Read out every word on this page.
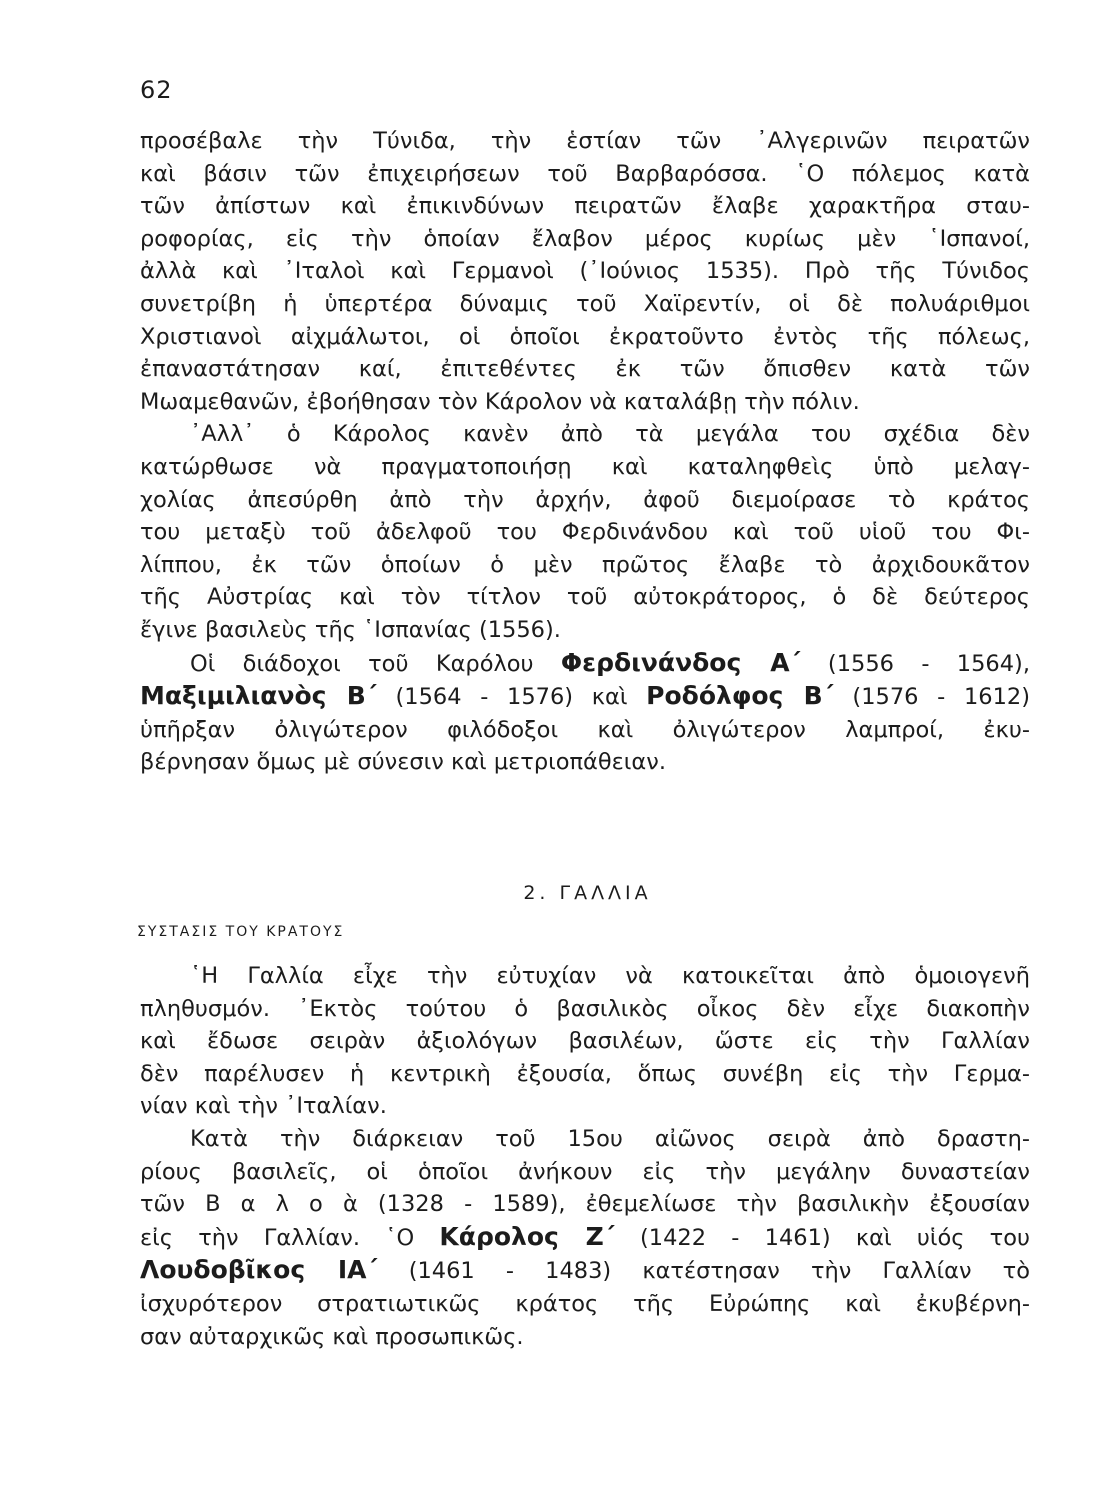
62
προσέβαλε τὴν Τύνιδα, τὴν ἑστίαν τῶν ᾿Αλγερινῶν πειρατῶν
καὶ βάσιν τῶν ἐπιχειρήσεων τοῦ Βαρβαρόσσα. ῾Ο πόλεμος κατὰ
τῶν ἀπίστων καὶ ἐπικινδύνων πειρατῶν ἔλαβε χαρακτῆρα σταυ-
ροφορίας, εἰς τὴν ὁποίαν ἔλαβον μέρος κυρίως μὲν ῾Ισπανοί,
ἀλλὰ καὶ ᾿Ιταλοὶ καὶ Γερμανοὶ (᾿Ιούνιος 1535). Πρὸ τῆς Τύνιδος
συνετρίβη ἡ ὑπερτέρα δύναμις τοῦ Χαϊρεντίν, οἱ δὲ πολυάριθμοι
Χριστιανοὶ αἰχμάλωτοι, οἱ ὁποῖοι ἐκρατοῦντο ἐντὸς τῆς πόλεως,
ἐπαναστάτησαν καί, ἐπιτεθέντες ἐκ τῶν ὄπισθεν κατὰ τῶν
Μωαμεθανῶν, ἐβοήθησαν τὸν Κάρολον νὰ καταλάβῃ τὴν πόλιν.
᾿Αλλ᾿ ὁ Κάρολος κανὲν ἀπὸ τὰ μεγάλα του σχέδια δὲν
κατώρθωσε νὰ πραγματοποιήσῃ καὶ καταληφθεὶς ὑπὸ μελαγ-
χολίας ἀπεσύρθη ἀπὸ τὴν ἀρχήν, ἀφοῦ διεμοίρασε τὸ κράτος
του μεταξὺ τοῦ ἀδελφοῦ του Φερδινάνδου καὶ τοῦ υἱοῦ του Φι-
λίππου, ἐκ τῶν ὁποίων ὁ μὲν πρῶτος ἔλαβε τὸ ἀρχιδουκᾶτον
τῆς Αὐστρίας καὶ τὸν τίτλον τοῦ αὐτοκράτορος, ὁ δὲ δεύτερος
ἔγινε βασιλεὺς τῆς ῾Ισπανίας (1556).
Οἱ διάδοχοι τοῦ Καρόλου Φερδινάνδος Α΄ (1556 - 1564),
Μαξιμιλιανὸς Β΄ (1564 - 1576) καὶ Ροδόλφος Β΄ (1576 - 1612)
ὑπῆρξαν ὀλιγώτερον φιλόδοξοι καὶ ὀλιγώτερον λαμπροί, ἐκυ-
βέρνησαν ὅμως μὲ σύνεσιν καὶ μετριοπάθειαν.
2. ΓΑΛΛΙΑ
ΣΥΣΤΑΣΙΣ ΤΟΥ ΚΡΑΤΟΥΣ
῾Η Γαλλία εἶχε τὴν εὐτυχίαν νὰ κατοικεῖται ἀπὸ ὁμοιογενῆ
πληθυσμόν. ᾿Εκτὸς τούτου ὁ βασιλικὸς οἶκος δὲν εἶχε διακοπὴν
καὶ ἔδωσε σειρὰν ἀξιολόγων βασιλέων, ὥστε εἰς τὴν Γαλλίαν
δὲν παρέλυσεν ἡ κεντρικὴ ἐξουσία, ὅπως συνέβη εἰς τὴν Γερμα-
νίαν καὶ τὴν ᾿Ιταλίαν.
Κατὰ τὴν διάρκειαν τοῦ 15ου αἰῶνος σειρὰ ἀπὸ δραστη-
ρίους βασιλεῖς, οἱ ὁποῖοι ἀνήκουν εἰς τὴν μεγάλην δυναστείαν
τῶν Β α λ ο ὰ (1328 - 1589), ἐθεμελίωσε τὴν βασιλικὴν ἐξουσίαν
εἰς τὴν Γαλλίαν. ῾Ο Κάρολος Ζ΄ (1422 - 1461) καὶ υἱός του
Λουδοβῖκος ΙΑ΄ (1461 - 1483) κατέστησαν τὴν Γαλλίαν τὸ
ἰσχυρότερον στρατιωτικῶς κράτος τῆς Εὐρώπης καὶ ἐκυβέρνη-
σαν αὐταρχικῶς καὶ προσωπικῶς.
